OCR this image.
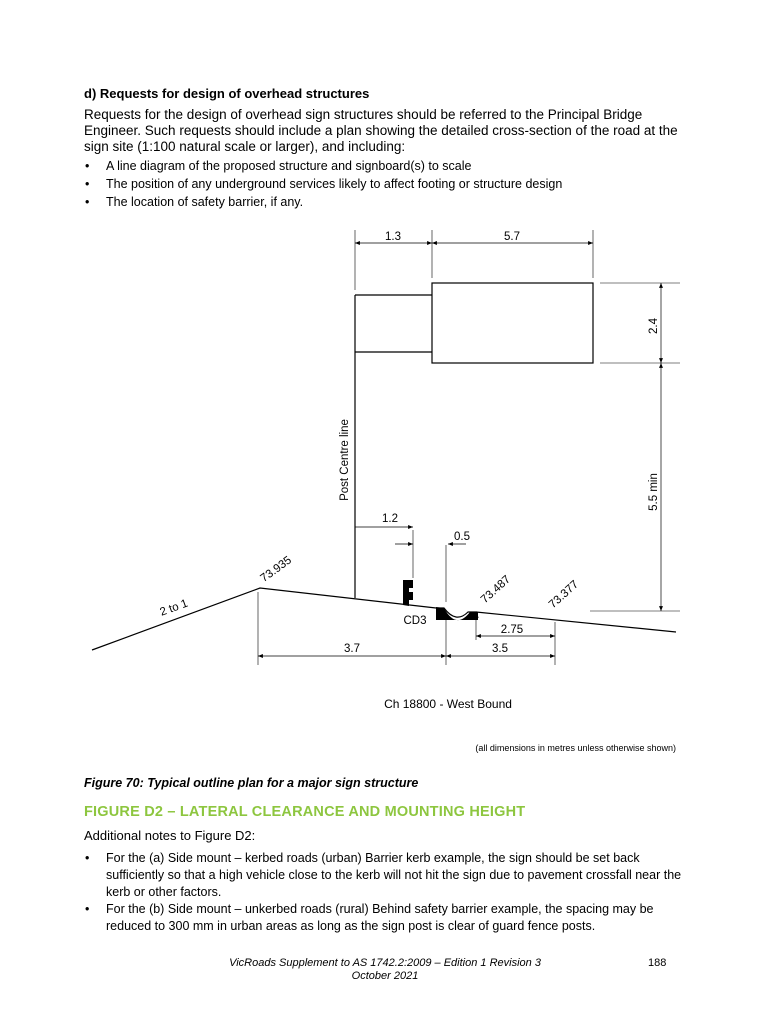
d) Requests for design of overhead structures
Requests for the design of overhead sign structures should be referred to the Principal Bridge Engineer. Such requests should include a plan showing the detailed cross-section of the road at the sign site (1:100 natural scale or larger), and including:
• A line diagram of the proposed structure and signboard(s) to scale
• The position of any underground services likely to affect footing or structure design
• The location of safety barrier, if any.
1.3	5.7
2.4
5.5 min
Post Centre line
1.2
0.5
73.935
73.487	73.377
2 to 1
CD3
2.75
3.7	3.5
Ch 18800 - West Bound
(all dimensions in metres unless otherwise shown)
Figure 70: Typical outline plan for a major sign structure
FIGURE D2 – LATERAL CLEARANCE AND MOUNTING HEIGHT
Additional notes to Figure D2:
• For the (a) Side mount – kerbed roads (urban) Barrier kerb example, the sign should be set back sufficiently so that a high vehicle close to the kerb will not hit the sign due to pavement crossfall near the kerb or other factors.
• For the (b) Side mount – unkerbed roads (rural) Behind safety barrier example, the spacing may be reduced to 300 mm in urban areas as long as the sign post is clear of guard fence posts.
VicRoads Supplement to AS 1742.2:2009 – Edition 1 Revision 3
October 2021
188
